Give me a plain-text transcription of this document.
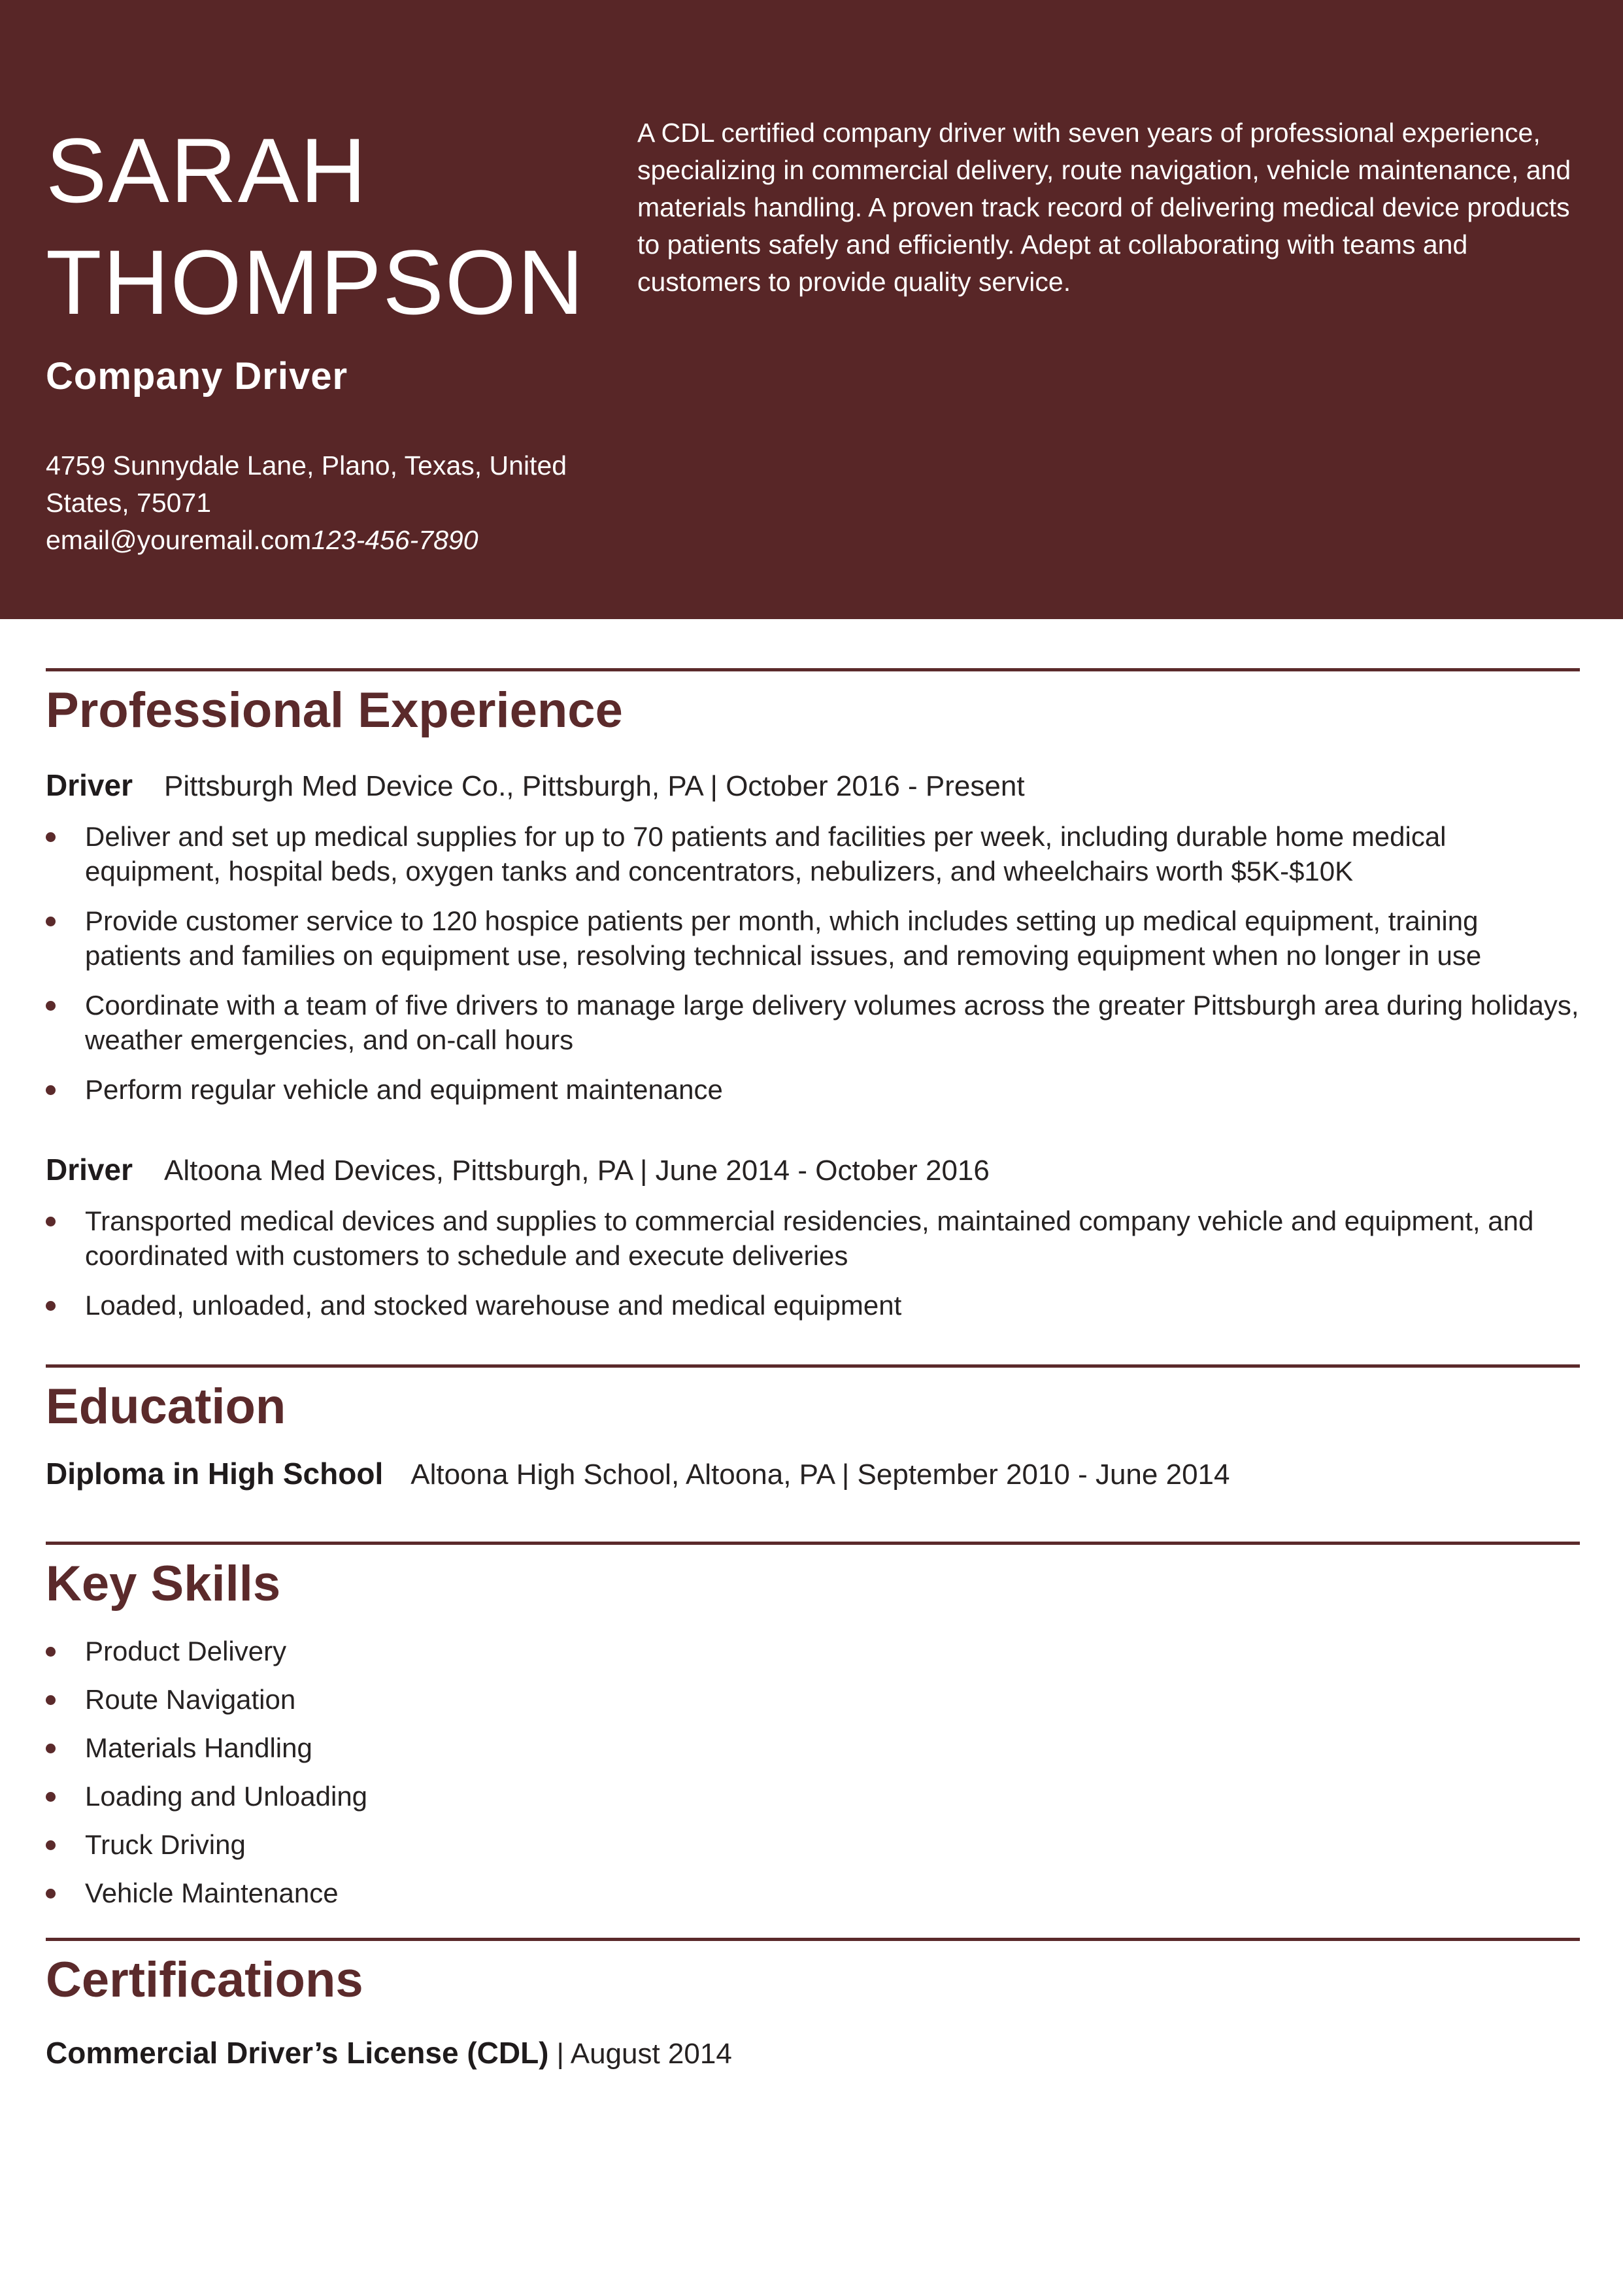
SARAH
THOMPSON
Company Driver
4759 Sunnydale Lane, Plano, Texas, United
States, 75071
email@youremail.com123-456-7890

A CDL certified company driver with seven years of professional experience, specializing in commercial delivery, route navigation, vehicle maintenance, and materials handling. A proven track record of delivering medical device products to patients safely and efficiently. Adept at collaborating with teams and customers to provide quality service.

Professional Experience
Driver Pittsburgh Med Device Co., Pittsburgh, PA | October 2016 - Present
Deliver and set up medical supplies for up to 70 patients and facilities per week, including durable home medical equipment, hospital beds, oxygen tanks and concentrators, nebulizers, and wheelchairs worth $5K-$10K
Provide customer service to 120 hospice patients per month, which includes setting up medical equipment, training patients and families on equipment use, resolving technical issues, and removing equipment when no longer in use
Coordinate with a team of five drivers to manage large delivery volumes across the greater Pittsburgh area during holidays, weather emergencies, and on-call hours
Perform regular vehicle and equipment maintenance
Driver Altoona Med Devices, Pittsburgh, PA | June 2014 - October 2016
Transported medical devices and supplies to commercial residencies, maintained company vehicle and equipment, and coordinated with customers to schedule and execute deliveries
Loaded, unloaded, and stocked warehouse and medical equipment
Education
Diploma in High School Altoona High School, Altoona, PA | September 2010 - June 2014
Key Skills
Product Delivery
Route Navigation
Materials Handling
Loading and Unloading
Truck Driving
Vehicle Maintenance
Certifications
Commercial Driver’s License (CDL) | August 2014
